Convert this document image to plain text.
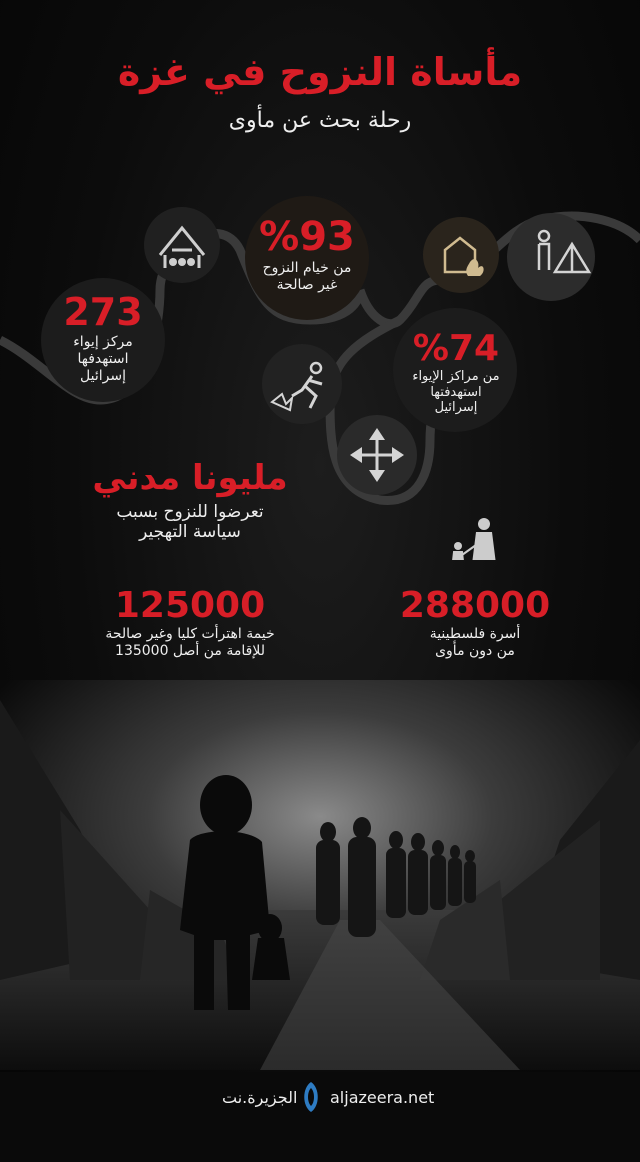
مأساة النزوح في غزة
رحلة بحث عن مأوى
%93
من خيام النزوح
غير صالحة
273
مركز إيواء
استهدفها
إسرائيل
%74
من مراكز الإيواء
استهدفتها
إسرائيل
مليونا مدني
تعرضوا للنزوح بسبب
سياسة التهجير
125000
خيمة اهترأت كليا وغير صالحة
للإقامة من أصل 135000
288000
أسرة فلسطينية
من دون مأوى
الجزيرة.نت aljazeera.net
